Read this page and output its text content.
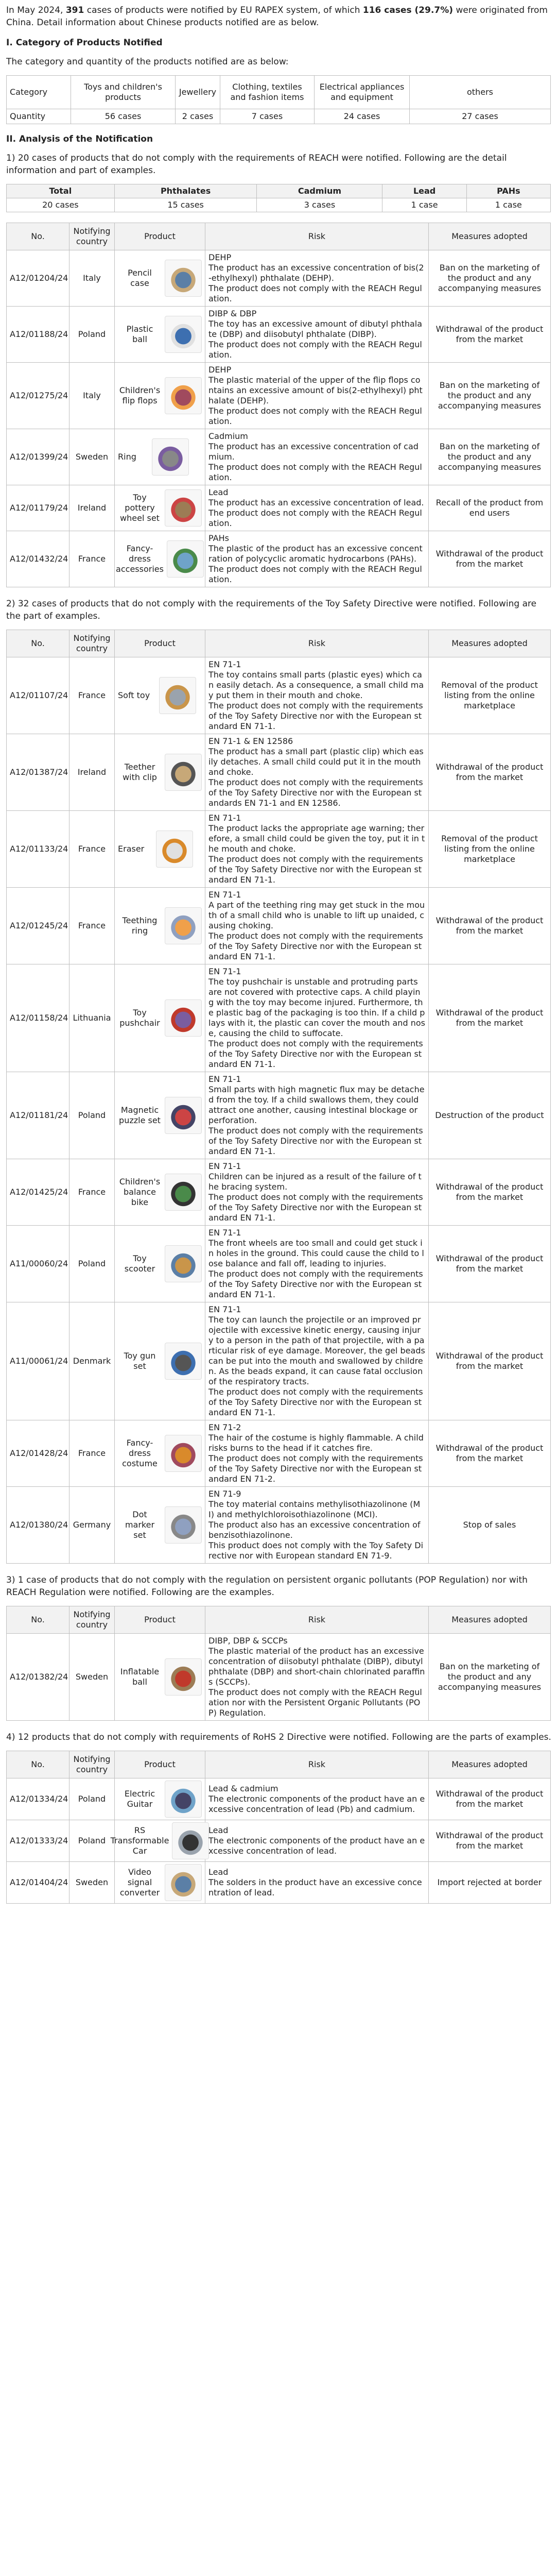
In May 2024, 391 cases of products were notified by EU RAPEX system, of which 116 cases (29.7%) were originated from China. Detail information about Chinese products notified are as below.

I. Category of Products Notified

The category and quantity of the products notified are as below:

Category	Toys and children's products	Jewellery	Clothing, textiles and fashion items	Electrical appliances and equipment	others
Quantity	56 cases	2 cases	7 cases	24 cases	27 cases

II. Analysis of the Notification

1) 20 cases of products that do not comply with the requirements of REACH were notified. Following are the detail information and part of examples.

Total	Phthalates	Cadmium	Lead	PAHs
20 cases	15 cases	3 cases	1 case	1 case
No.	Notifying country	Product	Risk	Measures adopted
A12/01204/24	Italy	Pencil case	DEHP
The product has an excessive concentration of bis(2-ethylhexyl) phthalate (DEHP).
The product does not comply with the REACH Regulation.	Ban on the marketing of the product and any accompanying measures
A12/01188/24	Poland	Plastic ball	DIBP & DBP
The toy has an excessive amount of dibutyl phthalate (DBP) and diisobutyl phthalate (DIBP).
The product does not comply with the REACH Regulation.	Withdrawal of the product from the market
A12/01275/24	Italy	Children's flip flops	DEHP
The plastic material of the upper of the flip flops contains an excessive amount of bis(2-ethylhexyl) phthalate (DEHP).
The product does not comply with the REACH Regulation.	Ban on the marketing of the product and any accompanying measures
A12/01399/24	Sweden	Ring	Cadmium
The product has an excessive concentration of cadmium.
The product does not comply with the REACH Regulation.	Ban on the marketing of the product and any accompanying measures
A12/01179/24	Ireland	Toy pottery wheel set	Lead
The product has an excessive concentration of lead.
The product does not comply with the REACH Regulation.	Recall of the product from end users
A12/01432/24	France	Fancy-dress accessories	PAHs
The plastic of the product has an excessive concentration of polycyclic aromatic hydrocarbons (PAHs).
The product does not comply with the REACH Regulation.	Withdrawal of the product from the market

2) 32 cases of products that do not comply with the requirements of the Toy Safety Directive were notified. Following are the part of examples.

No.	Notifying country	Product	Risk	Measures adopted
A12/01107/24	France	Soft toy	EN 71-1
The toy contains small parts (plastic eyes) which can easily detach. As a consequence, a small child may put them in their mouth and choke.
The product does not comply with the requirements of the Toy Safety Directive nor with the European standard EN 71-1.	Removal of the product listing from the online marketplace
A12/01387/24	Ireland	Teether with clip	EN 71-1 & EN 12586
The product has a small part (plastic clip) which easily detaches. A small child could put it in the mouth and choke.
The product does not comply with the requirements of the Toy Safety Directive nor with the European standards EN 71-1 and EN 12586.	Withdrawal of the product from the market
A12/01133/24	France	Eraser	EN 71-1
The product lacks the appropriate age warning; therefore, a small child could be given the toy, put it in the mouth and choke.
The product does not comply with the requirements of the Toy Safety Directive nor with the European standard EN 71-1.	Removal of the product listing from the online marketplace
A12/01245/24	France	Teething ring	EN 71-1
A part of the teething ring may get stuck in the mouth of a small child who is unable to lift up unaided, causing choking.
The product does not comply with the requirements of the Toy Safety Directive nor with the European standard EN 71-1.	Withdrawal of the product from the market
A12/01158/24	Lithuania	Toy pushchair	EN 71-1
The toy pushchair is unstable and protruding parts are not covered with protective caps. A child playing with the toy may become injured. Furthermore, the plastic bag of the packaging is too thin. If a child plays with it, the plastic can cover the mouth and nose, causing the child to suffocate.
The product does not comply with the requirements of the Toy Safety Directive nor with the European standard EN 71-1.	Withdrawal of the product from the market
A12/01181/24	Poland	Magnetic puzzle set	EN 71-1
Small parts with high magnetic flux may be detached from the toy. If a child swallows them, they could attract one another, causing intestinal blockage or perforation.
The product does not comply with the requirements of the Toy Safety Directive nor with the European standard EN 71-1.	Destruction of the product
A12/01425/24	France	Children's balance bike	EN 71-1
Children can be injured as a result of the failure of the bracing system.
The product does not comply with the requirements of the Toy Safety Directive nor with the European standard EN 71-1.	Withdrawal of the product from the market
A11/00060/24	Poland	Toy scooter	EN 71-1
The front wheels are too small and could get stuck in holes in the ground. This could cause the child to lose balance and fall off, leading to injuries.
The product does not comply with the requirements of the Toy Safety Directive nor with the European standard EN 71-1.	Withdrawal of the product from the market
A11/00061/24	Denmark	Toy gun set	EN 71-1
The toy can launch the projectile or an improved projectile with excessive kinetic energy, causing injury to a person in the path of that projectile, with a particular risk of eye damage. Moreover, the gel beads can be put into the mouth and swallowed by children. As the beads expand, it can cause fatal occlusion of the respiratory tracts.
The product does not comply with the requirements of the Toy Safety Directive nor with the European standard EN 71-1.	Withdrawal of the product from the market
A12/01428/24	France	Fancy-dress costume	EN 71-2
The hair of the costume is highly flammable. A child risks burns to the head if it catches fire.
The product does not comply with the requirements of the Toy Safety Directive nor with the European standard EN 71-2.	Withdrawal of the product from the market
A12/01380/24	Germany	Dot marker set	EN 71-9
The toy material contains methylisothiazolinone (MI) and methylchloroisothiazolinone (MCI).
The product also has an excessive concentration of benzisothiazolinone.
This product does not comply with the Toy Safety Directive nor with European standard EN 71-9.	Stop of sales

3) 1 case of products that do not comply with the regulation on persistent organic pollutants (POP Regulation) nor with REACH Regulation were notified. Following are the examples.

No.	Notifying country	Product	Risk	Measures adopted
A12/01382/24	Sweden	Inflatable ball	DIBP, DBP & SCCPs
The plastic material of the product has an excessive concentration of diisobutyl phthalate (DIBP), dibutyl phthalate (DBP) and short-chain chlorinated paraffins (SCCPs).
The product does not comply with the REACH Regulation nor with the Persistent Organic Pollutants (POP) Regulation.	Ban on the marketing of the product and any accompanying measures

4) 12 products that do not comply with requirements of RoHS 2 Directive were notified. Following are the parts of examples.

No.	Notifying country	Product	Risk	Measures adopted
A12/01334/24	Poland	Electric Guitar	Lead & cadmium
The electronic components of the product have an excessive concentration of lead (Pb) and cadmium.	Withdrawal of the product from the market
A12/01333/24	Poland	RS Transformable Car	Lead
The electronic components of the product have an excessive concentration of lead.	Withdrawal of the product from the market
A12/01404/24	Sweden	Video signal converter	Lead
The solders in the product have an excessive concentration of lead.	Import rejected at border
